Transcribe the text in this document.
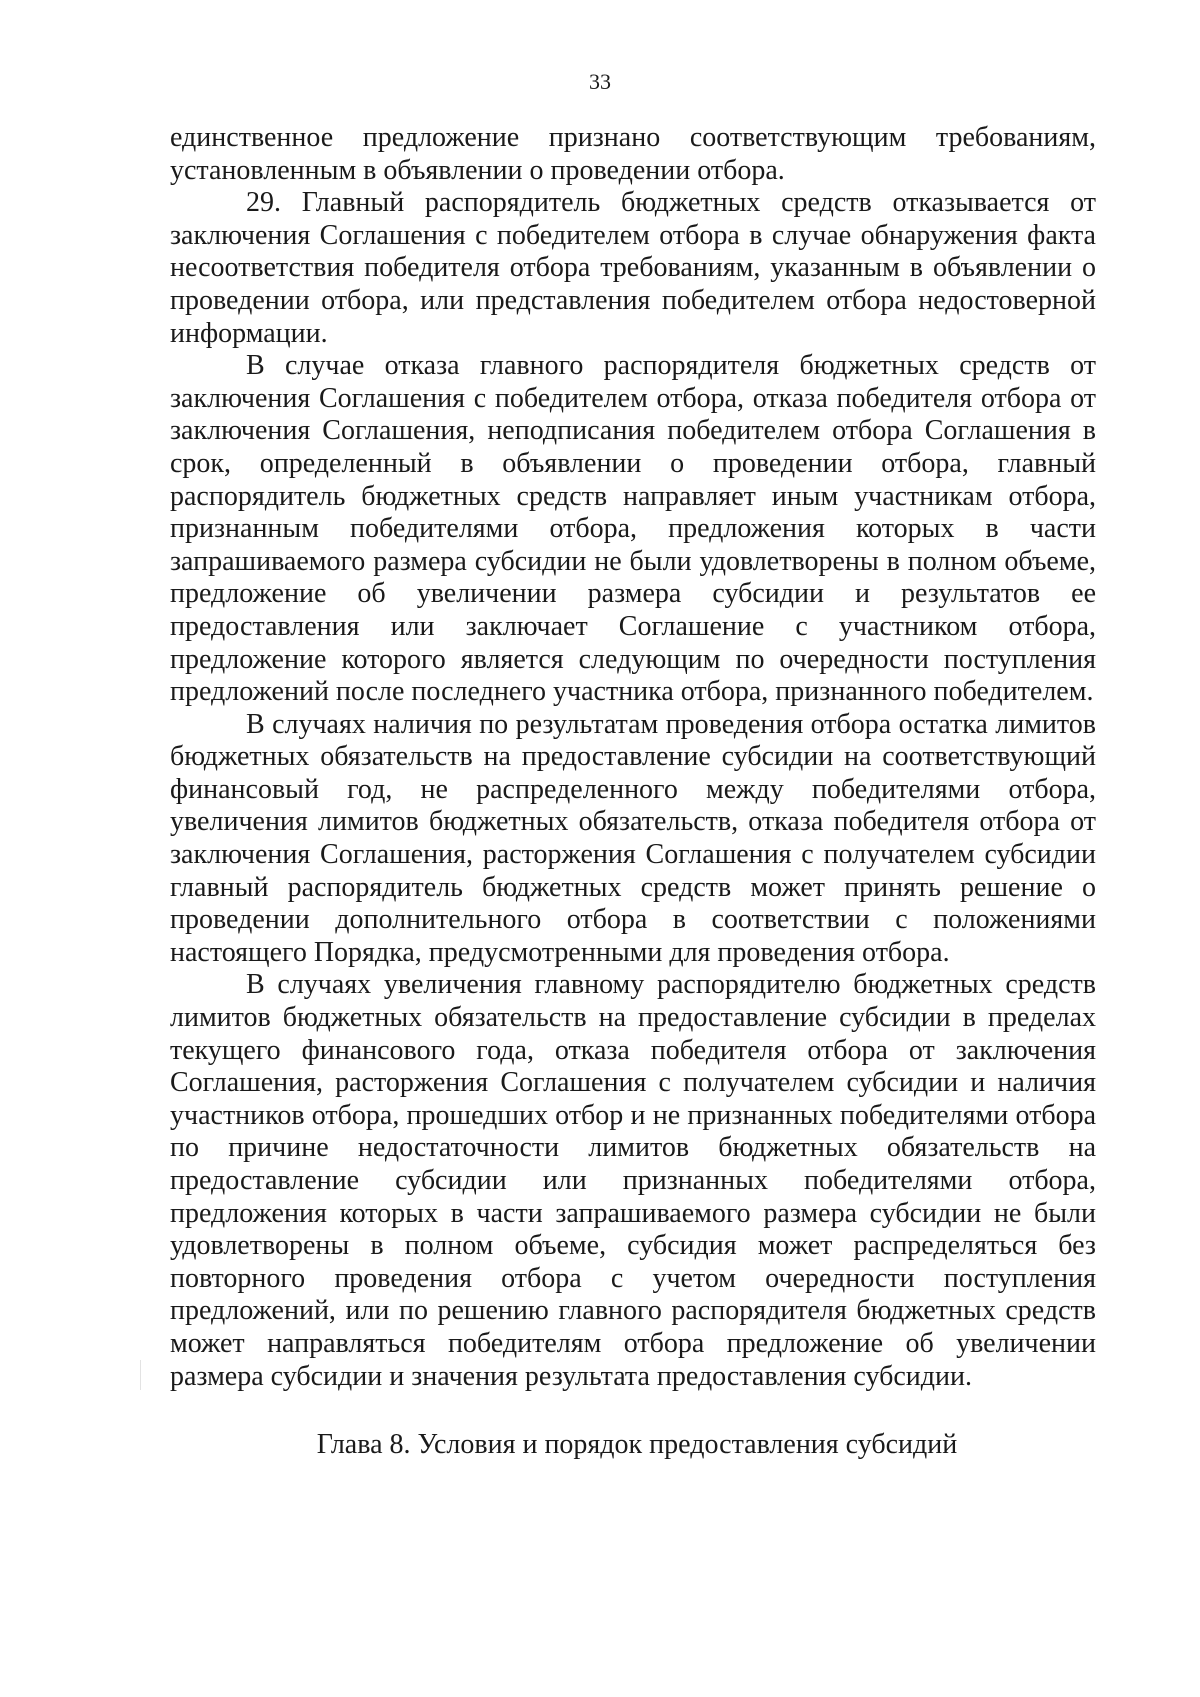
33

единственное предложение признано соответствующим требованиям, установленным в объявлении о проведении отбора.

29. Главный распорядитель бюджетных средств отказывается от заключения Соглашения с победителем отбора в случае обнаружения факта несоответствия победителя отбора требованиям, указанным в объявлении о проведении отбора, или представления победителем отбора недостоверной информации.

В случае отказа главного распорядителя бюджетных средств от заключения Соглашения с победителем отбора, отказа победителя отбора от заключения Соглашения, неподписания победителем отбора Соглашения в срок, определенный в объявлении о проведении отбора, главный распорядитель бюджетных средств направляет иным участникам отбора, признанным победителями отбора, предложения которых в части запрашиваемого размера субсидии не были удовлетворены в полном объеме, предложение об увеличении размера субсидии и результатов ее предоставления или заключает Соглашение с участником отбора, предложение которого является следующим по очередности поступления предложений после последнего участника отбора, признанного победителем.

В случаях наличия по результатам проведения отбора остатка лимитов бюджетных обязательств на предоставление субсидии на соответствующий финансовый год, не распределенного между победителями отбора, увеличения лимитов бюджетных обязательств, отказа победителя отбора от заключения Соглашения, расторжения Соглашения с получателем субсидии главный распорядитель бюджетных средств может принять решение о проведении дополнительного отбора в соответствии с положениями настоящего Порядка, предусмотренными для проведения отбора.

В случаях увеличения главному распорядителю бюджетных средств лимитов бюджетных обязательств на предоставление субсидии в пределах текущего финансового года, отказа победителя отбора от заключения Соглашения, расторжения Соглашения с получателем субсидии и наличия участников отбора, прошедших отбор и не признанных победителями отбора по причине недостаточности лимитов бюджетных обязательств на предоставление субсидии или признанных победителями отбора, предложения которых в части запрашиваемого размера субсидии не были удовлетворены в полном объеме, субсидия может распределяться без повторного проведения отбора с учетом очередности поступления предложений, или по решению главного распорядителя бюджетных средств может направляться победителям отбора предложение об увеличении размера субсидии и значения результата предоставления субсидии.

Глава 8. Условия и порядок предоставления субсидий
